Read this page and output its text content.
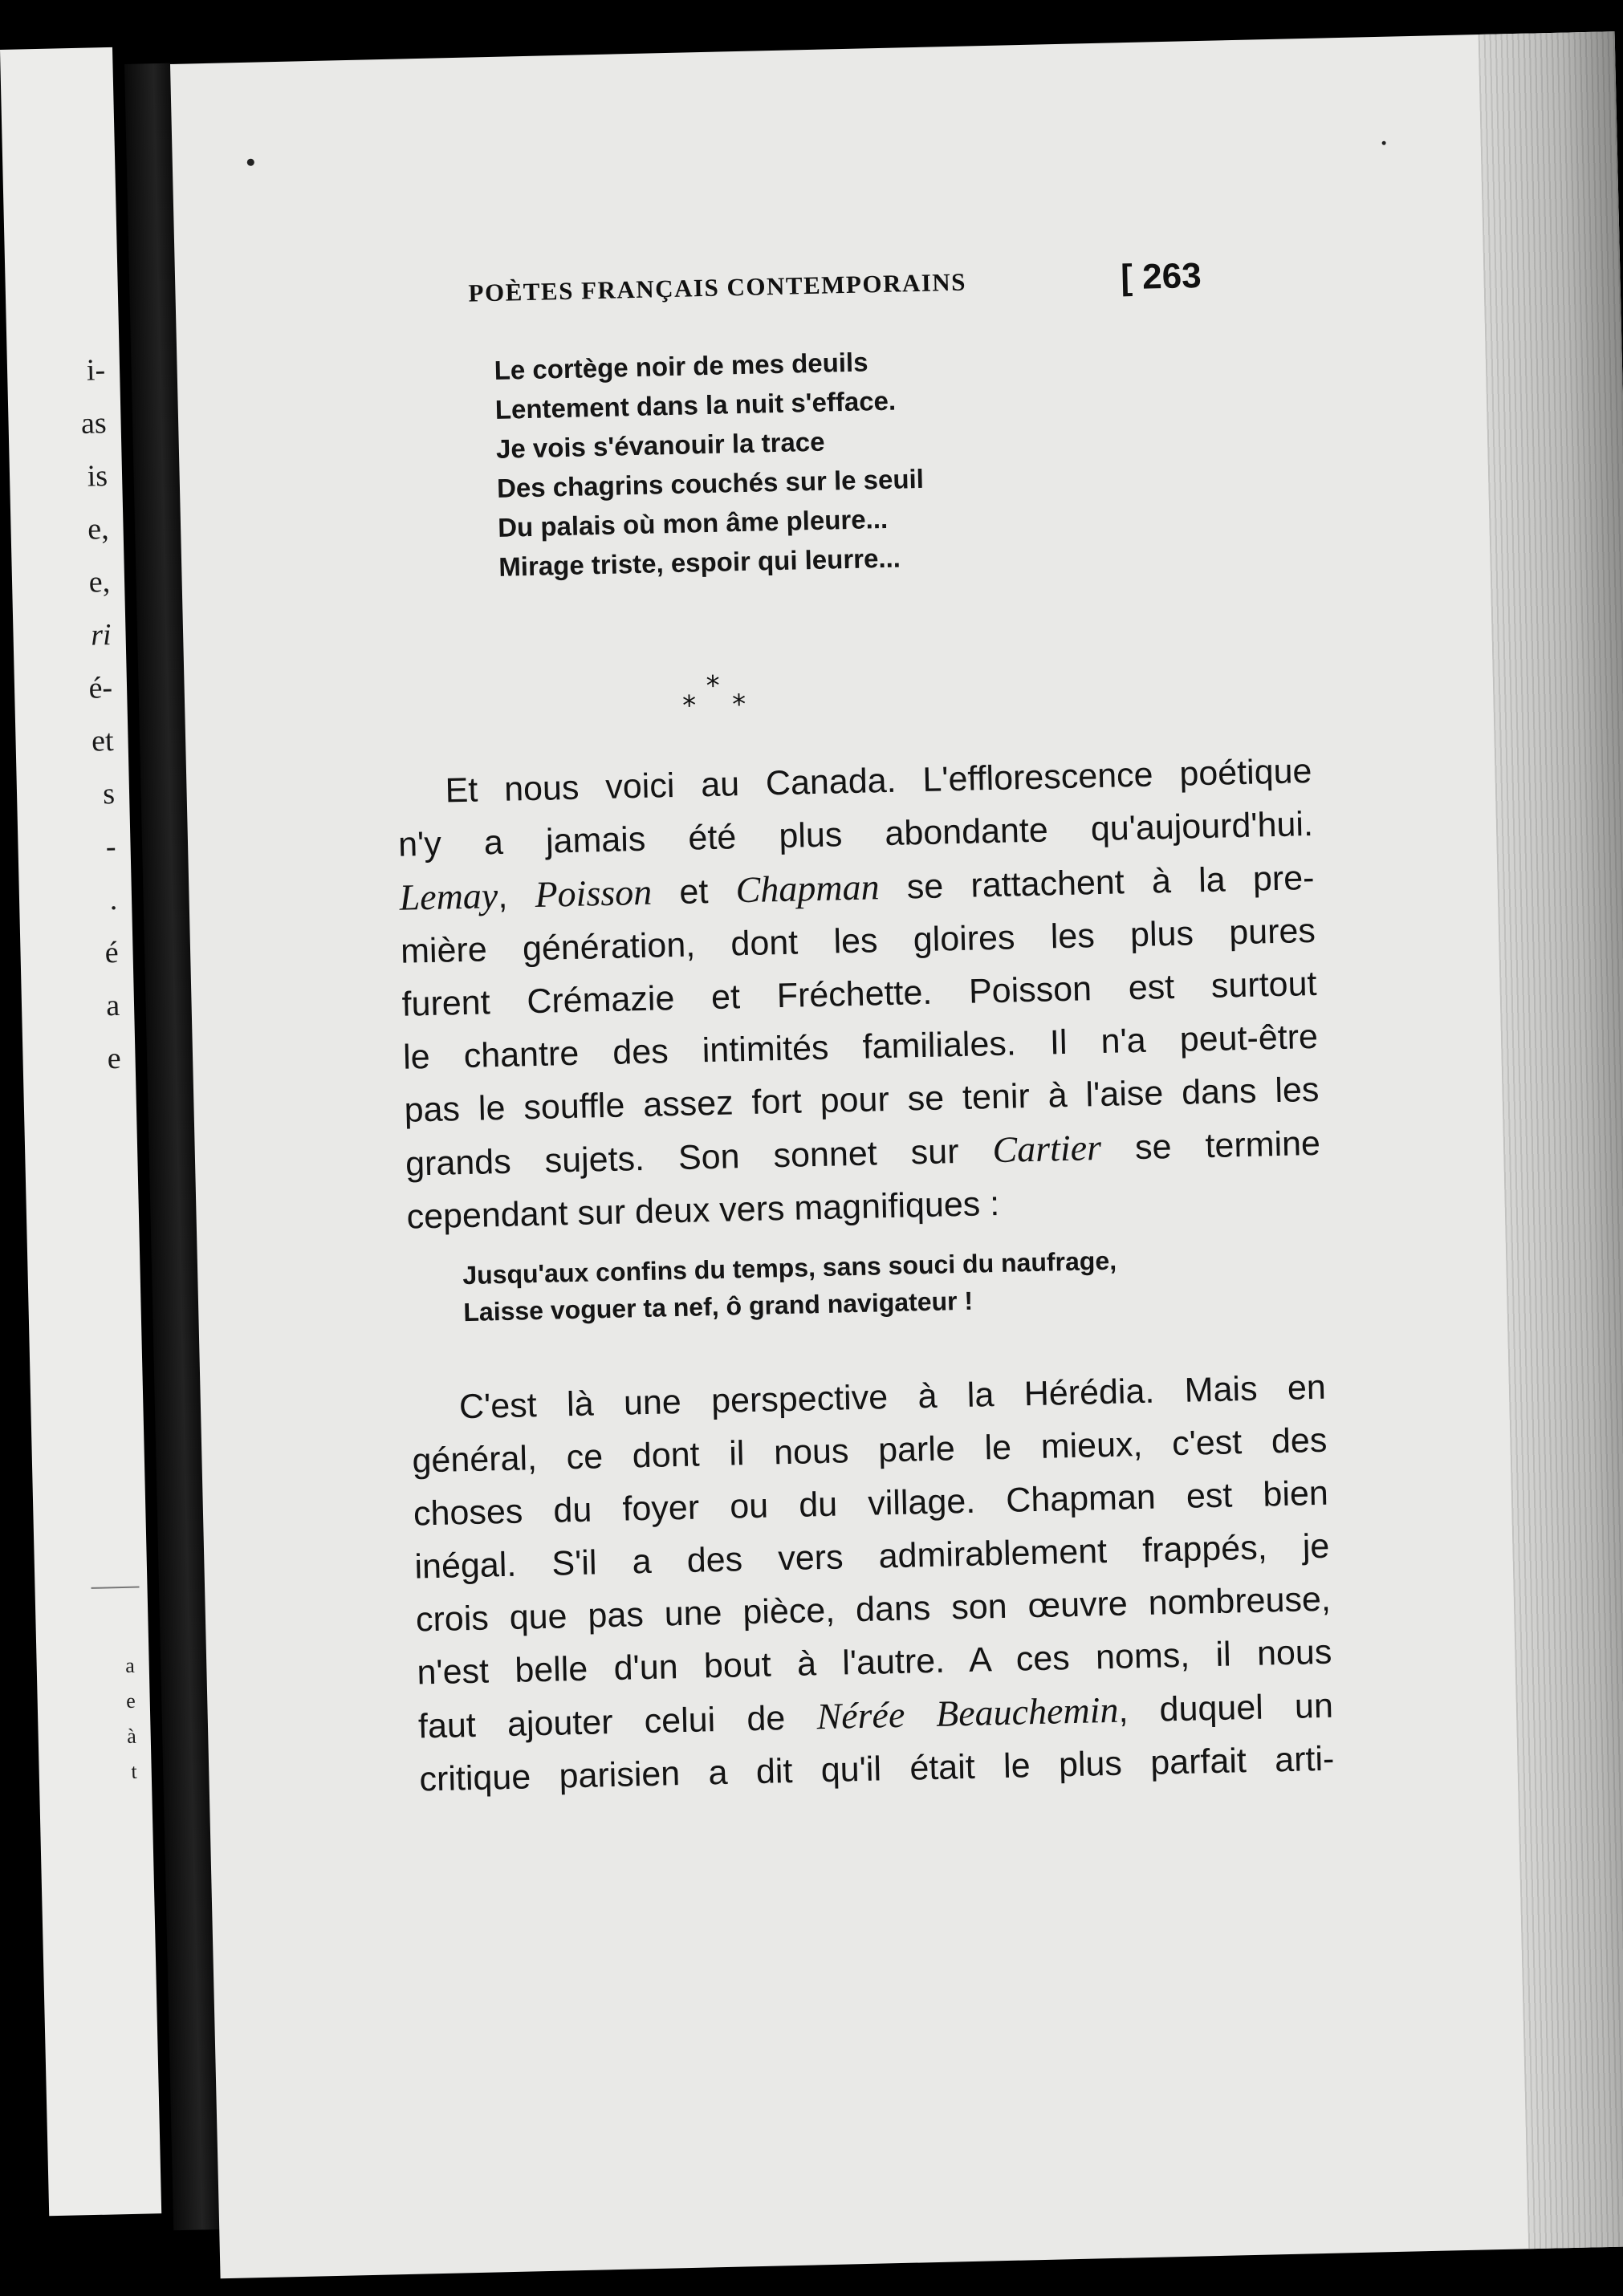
i-
as
is
e,
e,
ri
é-
et
s
-
.
é
a
e
a
e
à
t
POÈTES FRANÇAIS CONTEMPORAINS	[ 263
Le cortège noir de mes deuils
Lentement dans la nuit s'efface.
Je vois s'évanouir la trace
Des chagrins couchés sur le seuil
Du palais où mon âme pleure...
Mirage triste, espoir qui leurre...
*
* *
Et nous voici au Canada. L'efflorescence poétique
n'y a jamais été plus abondante qu'aujourd'hui.
Lemay, Poisson et Chapman se rattachent à la pre-
mière génération, dont les gloires les plus pures
furent Crémazie et Fréchette. Poisson est surtout
le chantre des intimités familiales. Il n'a peut-être
pas le souffle assez fort pour se tenir à l'aise dans les
grands sujets. Son sonnet sur Cartier se termine
cependant sur deux vers magnifiques :
Jusqu'aux confins du temps, sans souci du naufrage,
Laisse voguer ta nef, ô grand navigateur !
C'est là une perspective à la Hérédia. Mais en
général, ce dont il nous parle le mieux, c'est des
choses du foyer ou du village. Chapman est bien
inégal. S'il a des vers admirablement frappés, je
crois que pas une pièce, dans son œuvre nombreuse,
n'est belle d'un bout à l'autre. A ces noms, il nous
faut ajouter celui de Nérée Beauchemin, duquel un
critique parisien a dit qu'il était le plus parfait arti-
